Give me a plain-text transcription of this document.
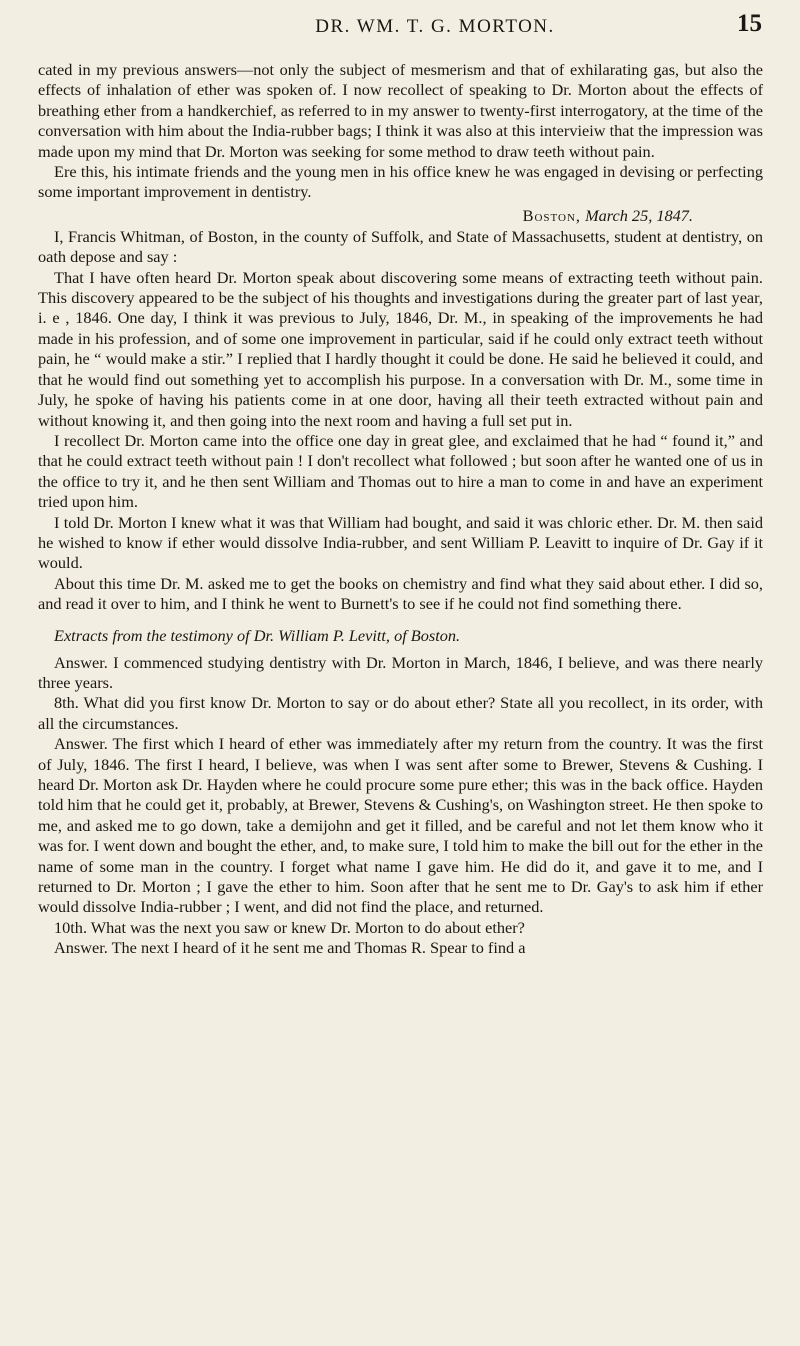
DR. WM. T. G. MORTON.	15

cated in my previous answers—not only the subject of mesmerism and that of exhilarating gas, but also the effects of inhalation of ether was spoken of. I now recollect of speaking to Dr. Morton about the effects of breathing ether from a handkerchief, as referred to in my answer to twenty-first interrogatory, at the time of the conversation with him about the India-rubber bags; I think it was also at this intervieiw that the impression was made upon my mind that Dr. Morton was seeking for some method to draw teeth without pain.

Ere this, his intimate friends and the young men in his office knew he was engaged in devising or perfecting some important improvement in dentistry.

Boston, March 25, 1847.

I, Francis Whitman, of Boston, in the county of Suffolk, and State of Massachusetts, student at dentistry, on oath depose and say :

That I have often heard Dr. Morton speak about discovering some means of extracting teeth without pain. This discovery appeared to be the subject of his thoughts and investigations during the greater part of last year, i. e , 1846. One day, I think it was previous to July, 1846, Dr. M., in speaking of the improvements he had made in his profession, and of some one improvement in particular, said if he could only extract teeth without pain, he “ would make a stir.” I replied that I hardly thought it could be done. He said he believed it could, and that he would find out something yet to accomplish his purpose. In a conversation with Dr. M., some time in July, he spoke of having his patients come in at one door, having all their teeth extracted without pain and without knowing it, and then going into the next room and having a full set put in.

I recollect Dr. Morton came into the office one day in great glee, and exclaimed that he had “ found it,” and that he could extract teeth without pain ! I don't recollect what followed ; but soon after he wanted one of us in the office to try it, and he then sent William and Thomas out to hire a man to come in and have an experiment tried upon him.

I told Dr. Morton I knew what it was that William had bought, and said it was chloric ether. Dr. M. then said he wished to know if ether would dissolve India-rubber, and sent William P. Leavitt to inquire of Dr. Gay if it would.

About this time Dr. M. asked me to get the books on chemistry and find what they said about ether. I did so, and read it over to him, and I think he went to Burnett's to see if he could not find something there.

Extracts from the testimony of Dr. William P. Levitt, of Boston.

Answer. I commenced studying dentistry with Dr. Morton in March, 1846, I believe, and was there nearly three years.

8th. What did you first know Dr. Morton to say or do about ether? State all you recollect, in its order, with all the circumstances.

Answer. The first which I heard of ether was immediately after my return from the country. It was the first of July, 1846. The first I heard, I believe, was when I was sent after some to Brewer, Stevens & Cushing. I heard Dr. Morton ask Dr. Hayden where he could procure some pure ether; this was in the back office. Hayden told him that he could get it, probably, at Brewer, Stevens & Cushing's, on Washington street. He then spoke to me, and asked me to go down, take a demijohn and get it filled, and be careful and not let them know who it was for. I went down and bought the ether, and, to make sure, I told him to make the bill out for the ether in the name of some man in the country. I forget what name I gave him. He did do it, and gave it to me, and I returned to Dr. Morton ; I gave the ether to him. Soon after that he sent me to Dr. Gay's to ask him if ether would dissolve India-rubber ; I went, and did not find the place, and returned.

10th. What was the next you saw or knew Dr. Morton to do about ether?

Answer. The next I heard of it he sent me and Thomas R. Spear to find a
